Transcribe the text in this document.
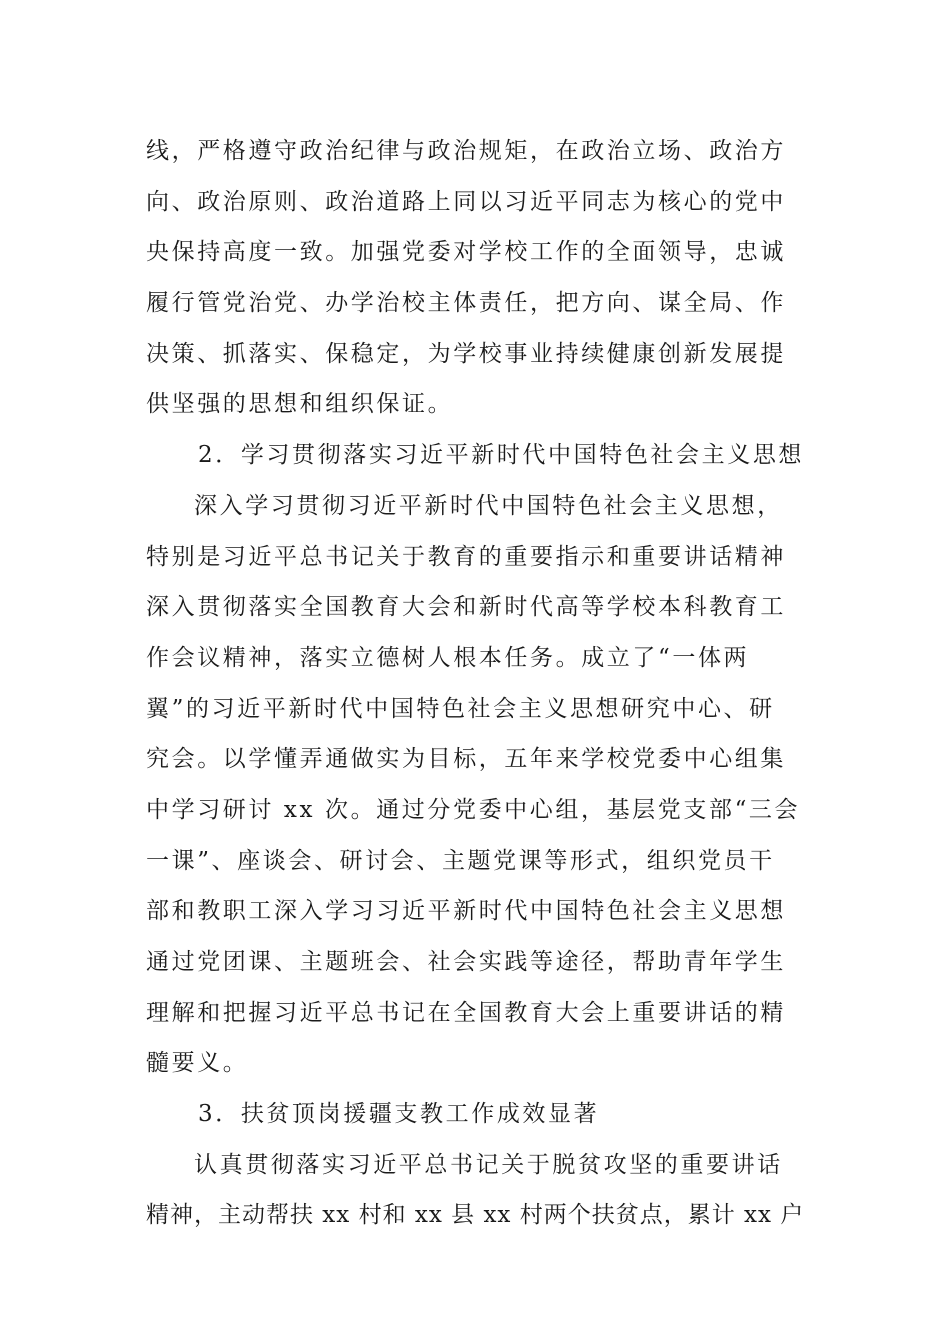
线，严格遵守政治纪律与政治规矩，在政治立场、政治方
向、政治原则、政治道路上同以习近平同志为核心的党中
央保持高度一致。加强党委对学校工作的全面领导，忠诚
履行管党治党、办学治校主体责任，把方向、谋全局、作
决策、抓落实、保稳定，为学校事业持续健康创新发展提
供坚强的思想和组织保证。
2．学习贯彻落实习近平新时代中国特色社会主义思想
深入学习贯彻习近平新时代中国特色社会主义思想，
特别是习近平总书记关于教育的重要指示和重要讲话精神
深入贯彻落实全国教育大会和新时代高等学校本科教育工
作会议精神，落实立德树人根本任务。成立了“一体两
翼”的习近平新时代中国特色社会主义思想研究中心、研
究会。以学懂弄通做实为目标，五年来学校党委中心组集
中学习研讨 xx 次。通过分党委中心组，基层党支部“三会
一课”、座谈会、研讨会、主题党课等形式，组织党员干
部和教职工深入学习习近平新时代中国特色社会主义思想
通过党团课、主题班会、社会实践等途径，帮助青年学生
理解和把握习近平总书记在全国教育大会上重要讲话的精
髓要义。
3．扶贫顶岗援疆支教工作成效显著
认真贯彻落实习近平总书记关于脱贫攻坚的重要讲话
精神，主动帮扶 xx 村和 xx 县 xx 村两个扶贫点，累计 xx 户
